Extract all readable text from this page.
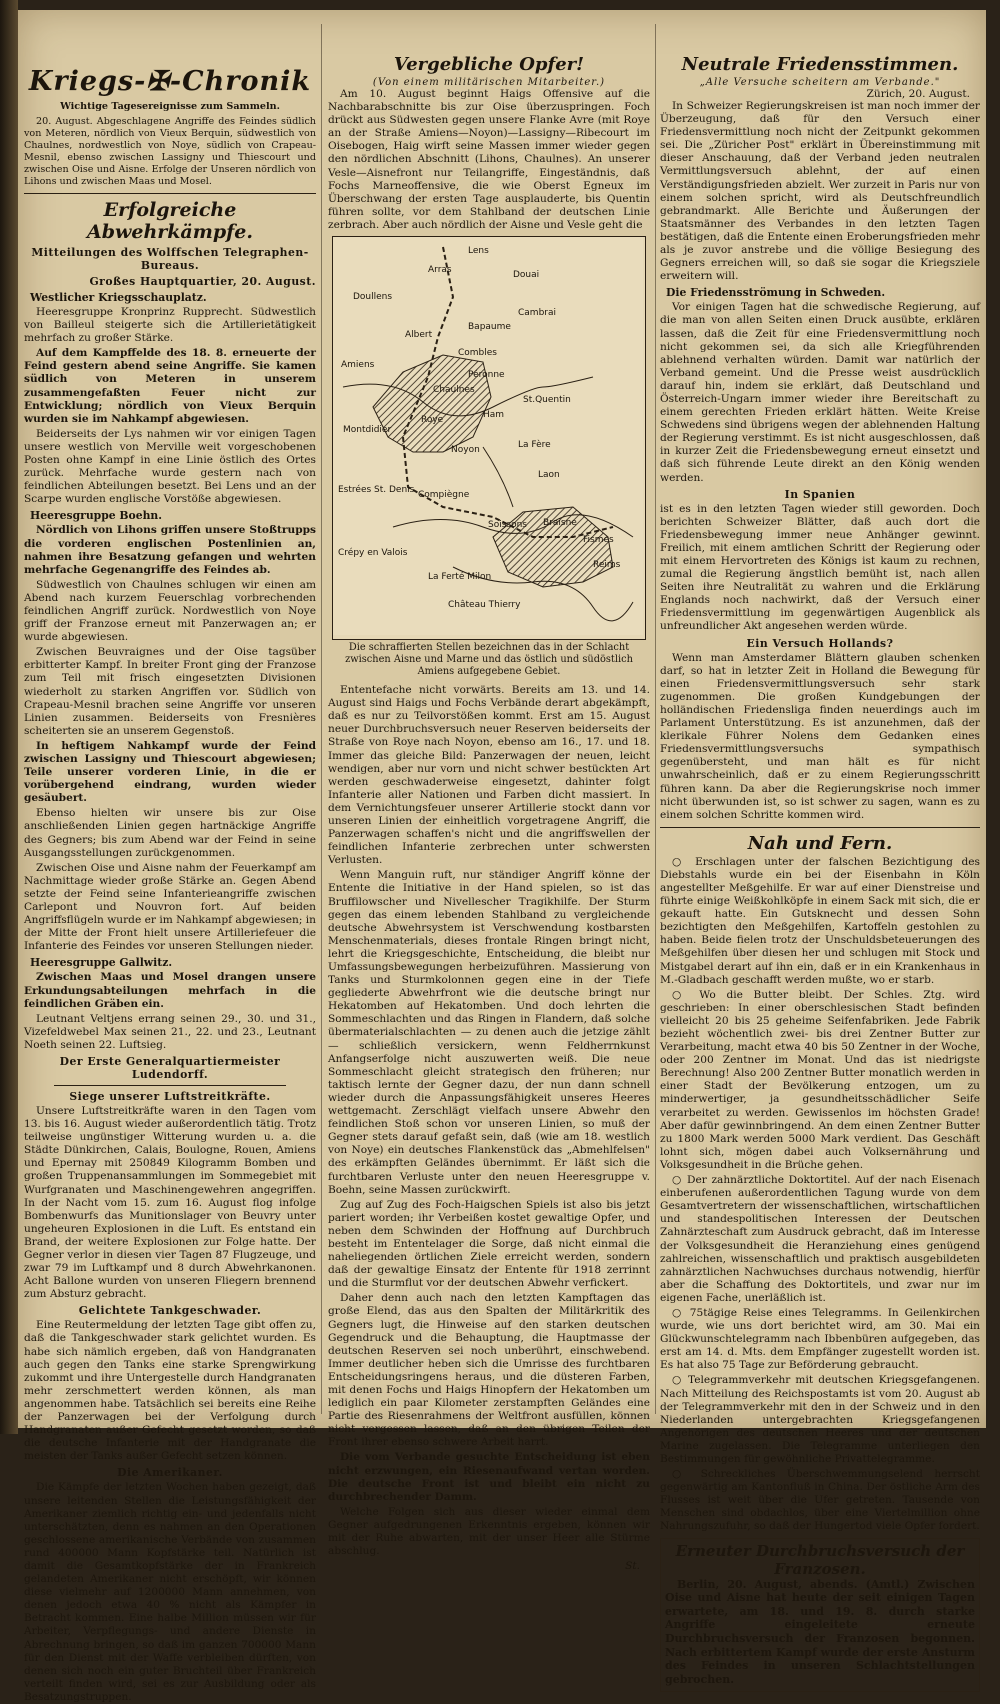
Kriegs-✠-Chronik
Wichtige Tagesereignisse zum Sammeln.

20. August. Abgeschlagene Angriffe des Feindes südlich von Meteren, nördlich von Vieux Berquin, südwestlich von Chaulnes, nordwestlich von Noye, südlich von Crapeau-Mesnil, ebenso zwischen Lassigny und Thiescourt und zwischen Oise und Aisne. Erfolge der Unseren nördlich von Lihons und zwischen Maas und Mosel.

Erfolgreiche Abwehrkämpfe.
Mitteilungen des Wolffschen Telegraphen-Bureaus.
Großes Hauptquartier, 20. August.
Westlicher Kriegsschauplatz.

Heeresgruppe Kronprinz Rupprecht. Südwestlich von Bailleul steigerte sich die Artillerietätigkeit mehrfach zu großer Stärke.

Auf dem Kampffelde des 18. 8. erneuerte der Feind gestern abend seine Angriffe. Sie kamen südlich von Meteren in unserem zusammengefaßten Feuer nicht zur Entwicklung; nördlich von Vieux Berquin wurden sie im Nahkampf abgewiesen.

Beiderseits der Lys nahmen wir vor einigen Tagen unsere westlich von Merville weit vorgeschobenen Posten ohne Kampf in eine Linie östlich des Ortes zurück. Mehrfache wurde gestern nach von feindlichen Abteilungen besetzt. Bei Lens und an der Scarpe wurden englische Vorstöße abgewiesen.

Heeresgruppe Boehn.

Nördlich von Lihons griffen unsere Stoßtrupps die vorderen englischen Postenlinien an, nahmen ihre Besatzung gefangen und wehrten mehrfache Gegenangriffe des Feindes ab.

Südwestlich von Chaulnes schlugen wir einen am Abend nach kurzem Feuerschlag vorbrechenden feindlichen Angriff zurück. Nordwestlich von Noye griff der Franzose erneut mit Panzerwagen an; er wurde abgewiesen.

Zwischen Beuvraignes und der Oise tagsüber erbitterter Kampf. In breiter Front ging der Franzose zum Teil mit frisch eingesetzten Divisionen wiederholt zu starken Angriffen vor. Südlich von Crapeau-Mesnil brachen seine Angriffe vor unseren Linien zusammen. Beiderseits von Fresnières scheiterten sie an unserem Gegenstoß.

In heftigem Nahkampf wurde der Feind zwischen Lassigny und Thiescourt abgewiesen; Teile unserer vorderen Linie, in die er vorübergehend eindrang, wurden wieder gesäubert.

Ebenso hielten wir unsere bis zur Oise anschließenden Linien gegen hartnäckige Angriffe des Gegners; bis zum Abend war der Feind in seine Ausgangsstellungen zurückgenommen.

Zwischen Oise und Aisne nahm der Feuerkampf am Nachmittage wieder große Stärke an. Gegen Abend setzte der Feind seine Infanterieangriffe zwischen Carlepont und Nouvron fort. Auf beiden Angriffsflügeln wurde er im Nahkampf abgewiesen; in der Mitte der Front hielt unsere Artilleriefeuer die Infanterie des Feindes vor unseren Stellungen nieder.

Heeresgruppe Gallwitz.

Zwischen Maas und Mosel drangen unsere Erkundungsabteilungen mehrfach in die feindlichen Gräben ein.

Leutnant Veltjens errang seinen 29., 30. und 31., Vizefeldwebel Max seinen 21., 22. und 23., Leutnant Noeth seinen 22. Luftsieg.

Der Erste Generalquartiermeister Ludendorff.
Siege unserer Luftstreitkräfte.

Unsere Luftstreitkräfte waren in den Tagen vom 13. bis 16. August wieder außerordentlich tätig. Trotz teilweise ungünstiger Witterung wurden u. a. die Städte Dünkirchen, Calais, Boulogne, Rouen, Amiens und Epernay mit 250849 Kilogramm Bomben und großen Truppenansammlungen im Sommegebiet mit Wurfgranaten und Maschinengewehren angegriffen. In der Nacht vom 15. zum 16. August flog infolge Bombenwurfs das Munitionslager von Beuvry unter ungeheuren Explosionen in die Luft. Es entstand ein Brand, der weitere Explosionen zur Folge hatte. Der Gegner verlor in diesen vier Tagen 87 Flugzeuge, und zwar 79 im Luftkampf und 8 durch Abwehrkanonen. Acht Ballone wurden von unseren Fliegern brennend zum Absturz gebracht.

Gelichtete Tankgeschwader.

Eine Reutermeldung der letzten Tage gibt offen zu, daß die Tankgeschwader stark gelichtet wurden. Es habe sich nämlich ergeben, daß von Handgranaten auch gegen den Tanks eine starke Sprengwirkung zukommt und ihre Untergestelle durch Handgranaten mehr zerschmettert werden können, als man angenommen habe. Tatsächlich sei bereits eine Reihe der Panzerwagen bei der Verfolgung durch Handgranaten außer Gefecht gesetzt worden, so daß die deutsche Infanterie mit der Handgranate die meisten der Tanks außer Gefecht setzen können.

Die Amerikaner.

Die Kämpfe der letzten Wochen haben gezeigt, daß unsere leitenden Stellen die Leistungsfähigkeit der Amerikaner ziemlich richtig ein- und jedenfalls nicht unterschätzten, denn es nahmen an den Operationen geschlossene amerikanische Verbände von zusammen rund 400000 Mann Kopfstärke teil. Natürlich ist damit die Gesamtkopfstärke der in Frankreich gelandeten Amerikaner nicht erschöpft, wir können diese vielmehr auf 1200000 Mann annehmen, von denen jedoch etwa 40 % nicht als Kämpfer in Betracht kommen. Eine halbe Million müssen wir für Arbeiter, Verpflegungs- und andere Dienste in Abrechnung bringen, so daß im ganzen 700000 Mann für den Dienst mit der Waffe verbleiben dürften, von denen sich noch ein guter Bruchteil über Frankreich verteilt finden wird, sei es zur Ausbildung oder als Besatzungstruppen.

Vergebliche Opfer!
(Von einem militärischen Mitarbeiter.)

Am 10. August beginnt Haigs Offensive auf die Nachbarabschnitte bis zur Oise überzuspringen. Foch drückt aus Südwesten gegen unsere Flanke Avre (mit Roye an der Straße Amiens—Noyon)—Lassigny—Ribecourt im Oisebogen, Haig wirft seine Massen immer wieder gegen den nördlichen Abschnitt (Lihons, Chaulnes). An unserer Vesle—Aisnefront nur Teilangriffe, Eingeständnis, daß Fochs Marneoffensive, die wie Oberst Egneux im Überschwang der ersten Tage ausplauderte, bis Quentin führen sollte, vor dem Stahlband der deutschen Linie zerbrach. Aber auch nördlich der Aisne und Vesle geht die

Lens
Arras	Douai
Doullens
Cambrai
Bapaume
Albert
Combles
Amiens
Péronne
St.Quentin
Chaulnes
Ham
Roye
Montdidier
La Fère
Noyon
Laon
Compiègne
Estrées St. Denis
Soissons Braisne
Fismes
Crépy en Valois
Reims
La Ferté Milon
Château Thierry

Die schraffierten Stellen bezeichnen das in der Schlacht zwischen Aisne und Marne und das östlich und südöstlich Amiens aufgegebene Gebiet.

Ententefache nicht vorwärts. Bereits am 13. und 14. August sind Haigs und Fochs Verbände derart abgekämpft, daß es nur zu Teilvorstößen kommt. Erst am 15. August neuer Durchbruchsversuch neuer Reserven beiderseits der Straße von Roye nach Noyon, ebenso am 16., 17. und 18. Immer das gleiche Bild: Panzerwagen der neuen, leicht wendigen, aber nur vorn und nicht schwer bestückten Art werden geschwaderweise eingesetzt, dahinter folgt Infanterie aller Nationen und Farben dicht massiert. In dem Vernichtungsfeuer unserer Artillerie stockt dann vor unseren Linien der einheitlich vorgetragene Angriff, die Panzerwagen schaffen's nicht und die angriffswellen der feindlichen Infanterie zerbrechen unter schwersten Verlusten.

Wenn Manguin ruft, nur ständiger Angriff könne der Entente die Initiative in der Hand spielen, so ist das Bruffilowscher und Nivellescher Tragikhilfe. Der Sturm gegen das einem lebenden Stahlband zu vergleichende deutsche Abwehrsystem ist Verschwendung kostbarsten Menschenmaterials, dieses frontale Ringen bringt nicht, lehrt die Kriegsgeschichte, Entscheidung, die bleibt nur Umfassungsbewegungen herbeizuführen. Massierung von Tanks und Sturmkolonnen gegen eine in der Tiefe gegliederte Abwehrfront wie die deutsche bringt nur Hekatomben auf Hekatomben. Und doch lehrten die Sommeschlachten und das Ringen in Flandern, daß solche übermaterialschlachten — zu denen auch die jetzige zählt — schließlich versickern, wenn Feldherrnkunst Anfangserfolge nicht auszuwerten weiß. Die neue Sommeschlacht gleicht strategisch den früheren; nur taktisch lernte der Gegner dazu, der nun dann schnell wieder durch die Anpassungsfähigkeit unseres Heeres wettgemacht. Zerschlägt vielfach unsere Abwehr den feindlichen Stoß schon vor unseren Linien, so muß der Gegner stets darauf gefaßt sein, daß (wie am 18. westlich von Noye) ein deutsches Flankenstück das „Abmehlfelsen" des erkämpften Geländes übernimmt. Er läßt sich die furchtbaren Verluste unter den neuen Heeresgruppe v. Boehn, seine Massen zurückwirft.

Zug auf Zug des Foch-Haigschen Spiels ist also bis jetzt pariert worden; ihr Verbeißen kostet gewaltige Opfer, und neben dem Schwinden der Hoffnung auf Durchbruch besteht im Ententelager die Sorge, daß nicht einmal die naheliegenden örtlichen Ziele erreicht werden, sondern daß der gewaltige Einsatz der Entente für 1918 zerrinnt und die Sturmflut vor der deutschen Abwehr verfickert.

Daher denn auch nach den letzten Kampftagen das große Elend, das aus den Spalten der Militärkritik des Gegners lugt, die Hinweise auf den starken deutschen Gegendruck und die Behauptung, die Hauptmasse der deutschen Reserven sei noch unberührt, einschwebend. Immer deutlicher heben sich die Umrisse des furchtbaren Entscheidungsringens heraus, und die düsteren Farben, mit denen Fochs und Haigs Hinopfern der Hekatomben um lediglich ein paar Kilometer zerstampften Geländes eine Partie des Riesenrahmens der Weltfront ausfüllen, können nicht vergessen lassen, daß an den übrigen Teilen der Front ihrer ebenso schwere Arbeit harrt.

Die vom Verbande gesuchte Entscheidung ist eben nicht erzwungen, ein Riesenaufwand vertan worden. Die deutsche Front ist und bleibt ein nicht zu durchbrechender Damm.

Welche Folgen sich aus dieser wieder einmal dem Gegner aufgedrungenen Erkenntnis ergeben, können wir mit der Ruhe abwarten, mit der unser Heer alle Stürme abschlug.

St.
Neutrale Friedensstimmen.
„Alle Versuche scheitern am Verbande."
Zürich, 20. August.

In Schweizer Regierungskreisen ist man noch immer der Überzeugung, daß für den Versuch einer Friedensvermittlung noch nicht der Zeitpunkt gekommen sei. Die „Züricher Post" erklärt in Übereinstimmung mit dieser Anschauung, daß der Verband jeden neutralen Vermittlungsversuch ablehnt, der auf einen Verständigungsfrieden abzielt. Wer zurzeit in Paris nur von einem solchen spricht, wird als Deutschfreundlich gebrandmarkt. Alle Berichte und Äußerungen der Staatsmänner des Verbandes in den letzten Tagen bestätigen, daß die Entente einen Eroberungsfrieden mehr als je zuvor anstrebe und die völlige Besiegung des Gegners erreichen will, so daß sie sogar die Kriegsziele erweitern will.

Die Friedensströmung in Schweden.

Vor einigen Tagen hat die schwedische Regierung, auf die man von allen Seiten einen Druck ausübte, erklären lassen, daß die Zeit für eine Friedensvermittlung noch nicht gekommen sei, da sich alle Kriegführenden ablehnend verhalten würden. Damit war natürlich der Verband gemeint. Und die Presse weist ausdrücklich darauf hin, indem sie erklärt, daß Deutschland und Österreich-Ungarn immer wieder ihre Bereitschaft zu einem gerechten Frieden erklärt hätten. Weite Kreise Schwedens sind übrigens wegen der ablehnenden Haltung der Regierung verstimmt. Es ist nicht ausgeschlossen, daß in kurzer Zeit die Friedensbewegung erneut einsetzt und daß sich führende Leute direkt an den König wenden werden.

In Spanien

ist es in den letzten Tagen wieder still geworden. Doch berichten Schweizer Blätter, daß auch dort die Friedensbewegung immer neue Anhänger gewinnt. Freilich, mit einem amtlichen Schritt der Regierung oder mit einem Hervortreten des Königs ist kaum zu rechnen, zumal die Regierung ängstlich bemüht ist, nach allen Seiten ihre Neutralität zu wahren und die Erklärung Englands noch nachwirkt, daß der Versuch einer Friedensvermittlung im gegenwärtigen Augenblick als unfreundlicher Akt angesehen werden würde.

Ein Versuch Hollands?

Wenn man Amsterdamer Blättern glauben schenken darf, so hat in letzter Zeit in Holland die Bewegung für einen Friedensvermittlungsversuch sehr stark zugenommen. Die großen Kundgebungen der holländischen Friedensliga finden neuerdings auch im Parlament Unterstützung. Es ist anzunehmen, daß der klerikale Führer Nolens dem Gedanken eines Friedensvermittlungsversuchs sympathisch gegenübersteht, und man hält es für nicht unwahrscheinlich, daß er zu einem Regierungsschritt führen kann. Da aber die Regierungskrise noch immer nicht überwunden ist, so ist schwer zu sagen, wann es zu einem solchen Schritte kommen wird.

Nah und Fern.

○ Erschlagen unter der falschen Bezichtigung des Diebstahls wurde ein bei der Eisenbahn in Köln angestellter Meßgehilfe. Er war auf einer Dienstreise und führte einige Weißkohlköpfe in einem Sack mit sich, die er gekauft hatte. Ein Gutsknecht und dessen Sohn bezichtigten den Meßgehilfen, Kartoffeln gestohlen zu haben. Beide fielen trotz der Unschuldsbeteuerungen des Meßgehilfen über diesen her und schlugen mit Stock und Mistgabel derart auf ihn ein, daß er in ein Krankenhaus in M.-Gladbach geschafft werden mußte, wo er starb.

○ Wo die Butter bleibt. Der Schles. Ztg. wird geschrieben: In einer oberschlesischen Stadt befinden vielleicht 20 bis 25 geheime Seifenfabriken. Jede Fabrik bezieht wöchentlich zwei- bis drei Zentner Butter zur Verarbeitung, macht etwa 40 bis 50 Zentner in der Woche, oder 200 Zentner im Monat. Und das ist niedrigste Berechnung! Also 200 Zentner Butter monatlich werden in einer Stadt der Bevölkerung entzogen, um zu minderwertiger, ja gesundheitsschädlicher Seife verarbeitet zu werden. Gewissenlos im höchsten Grade! Aber dafür gewinnbringend. An dem einen Zentner Butter zu 1800 Mark werden 5000 Mark verdient. Das Geschäft lohnt sich, mögen dabei auch Volksernährung und Volksgesundheit in die Brüche gehen.

○ Der zahnärztliche Doktortitel. Auf der nach Eisenach einberufenen außerordentlichen Tagung wurde von dem Gesamtvertretern der wissenschaftlichen, wirtschaftlichen und standespolitischen Interessen der Deutschen Zahnärzteschaft zum Ausdruck gebracht, daß im Interesse der Volksgesundheit die Heranziehung eines genügend zahlreichen, wissenschaftlich und praktisch ausgebildeten zahnärztlichen Nachwuchses durchaus notwendig, hierfür aber die Schaffung des Doktortitels, und zwar nur im eigenen Fache, unerläßlich ist.

○ 75tägige Reise eines Telegramms. In Geilenkirchen wurde, wie uns dort berichtet wird, am 30. Mai ein Glückwunschtelegramm nach Ibbenbüren aufgegeben, das erst am 14. d. Mts. dem Empfänger zugestellt worden ist. Es hat also 75 Tage zur Beförderung gebraucht.

○ Telegrammverkehr mit deutschen Kriegsgefangenen. Nach Mitteilung des Reichspostamts ist vom 20. August ab der Telegrammverkehr mit den in der Schweiz und in den Niederlanden untergebrachten Kriegsgefangenen Angehörigen des deutschen Heeres und der deutschen Marine zugelassen. Die Telegramme unterliegen den Bestimmungen für gewöhnliche Privattelegramme.

○ Schreckliches Überschwemmungselend herrscht gegenwärtig am Kantonfluß in China. Der östliche Arm des Flusses ist weit über die Ufer getreten. Tausende von Menschen sind obdachlos, über eine Viertelmillion ohne Nahrungszufuhr, so daß der Hungertod viele Opfer fordert.

Erneuter Durchbruchsversuch der Franzosen.

Berlin, 20. August, abends. (Amtl.) Zwischen Oise und Aisne hat heute der seit einigen Tagen erwartete, am 18. und 19. 8. durch starke Angriffe eingeleitete erneute Durchbruchsversuch der Franzosen begonnen. Nach erbittertem Kampf wurde der erste Ansturm des Feindes in unseren Schlachtstellungen gebrochen.
